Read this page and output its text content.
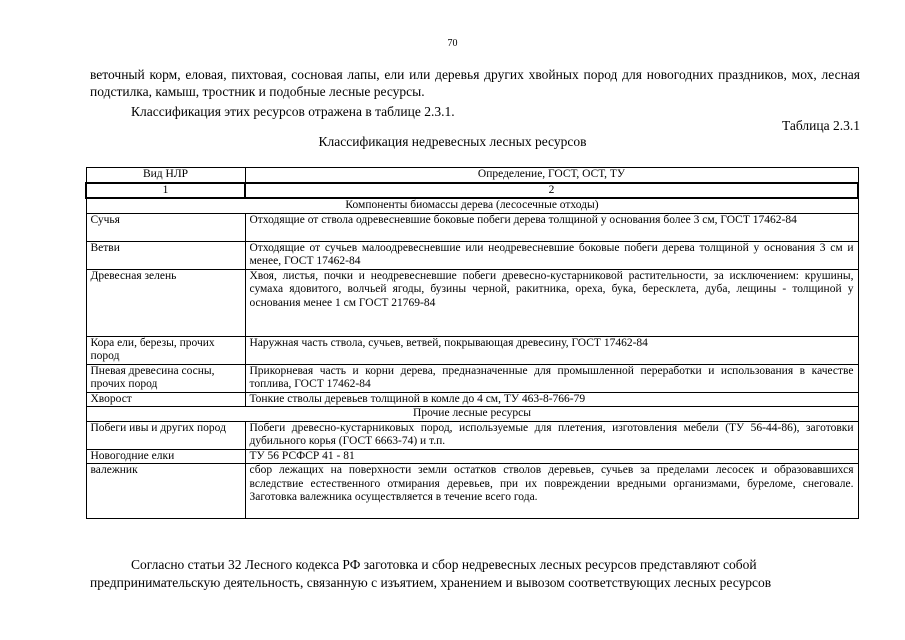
70
веточный корм, еловая, пихтовая, сосновая лапы, ели или деревья других хвойных пород для новогодних праздников, мох, лесная подстилка, камыш, тростник и подобные лесные ресурсы.
Классификация этих ресурсов отражена в таблице 2.3.1.
Таблица 2.3.1
Классификация недревесных лесных ресурсов
Вид НЛР	Определение, ГОСТ, ОСТ, ТУ
1	2
Компоненты биомассы дерева (лесосечные отходы)	
Сучья	Отходящие от ствола одревесневшие боковые побеги дерева толщиной у основания более 3 см, ГОСТ 17462-84
Ветви	Отходящие от сучьев малоодревесневшие или неодревесневшие боковые побеги дерева толщиной у основания 3 см и менее, ГОСТ 17462-84
Древесная зелень	Хвоя, листья, почки и неодревесневшие побеги древесно-кустарниковой растительности, за исключением: крушины, сумаха ядовитого, волчьей ягоды, бузины черной, ракитника, ореха, бука, бересклета, дуба, лещины - толщиной у основания менее 1 см ГОСТ 21769-84
Кора ели, березы, прочих пород	Наружная часть ствола, сучьев, ветвей, покрывающая древесину, ГОСТ 17462-84
Пневая древесина сосны, прочих пород	Прикорневая часть и корни дерева, предназначенные для промышленной переработки и использования в качестве топлива, ГОСТ 17462-84
Хворост	Тонкие стволы деревьев толщиной в комле до 4 см, ТУ 463-8-766-79
Прочие лесные ресурсы	
Побеги ивы и других пород	Побеги древесно-кустарниковых пород, используемые для плетения, изготовления мебели (ТУ 56-44-86), заготовки дубильного корья (ГОСТ 6663-74) и т.п.
Новогодние елки	ТУ 56 РСФСР 41 - 81
валежник	сбор лежащих на поверхности земли остатков стволов деревьев, сучьев за пределами лесосек и образовавшихся вследствие естественного отмирания деревьев, при их повреждении вредными организмами, буреломе, снеговале. Заготовка валежника осуществляется в течение всего года.
Согласно статьи 32 Лесного кодекса РФ заготовка и сбор недревесных лесных ресурсов представляют собой
предпринимательскую деятельность, связанную с изъятием, хранением и вывозом соответствующих лесных ресурсов
